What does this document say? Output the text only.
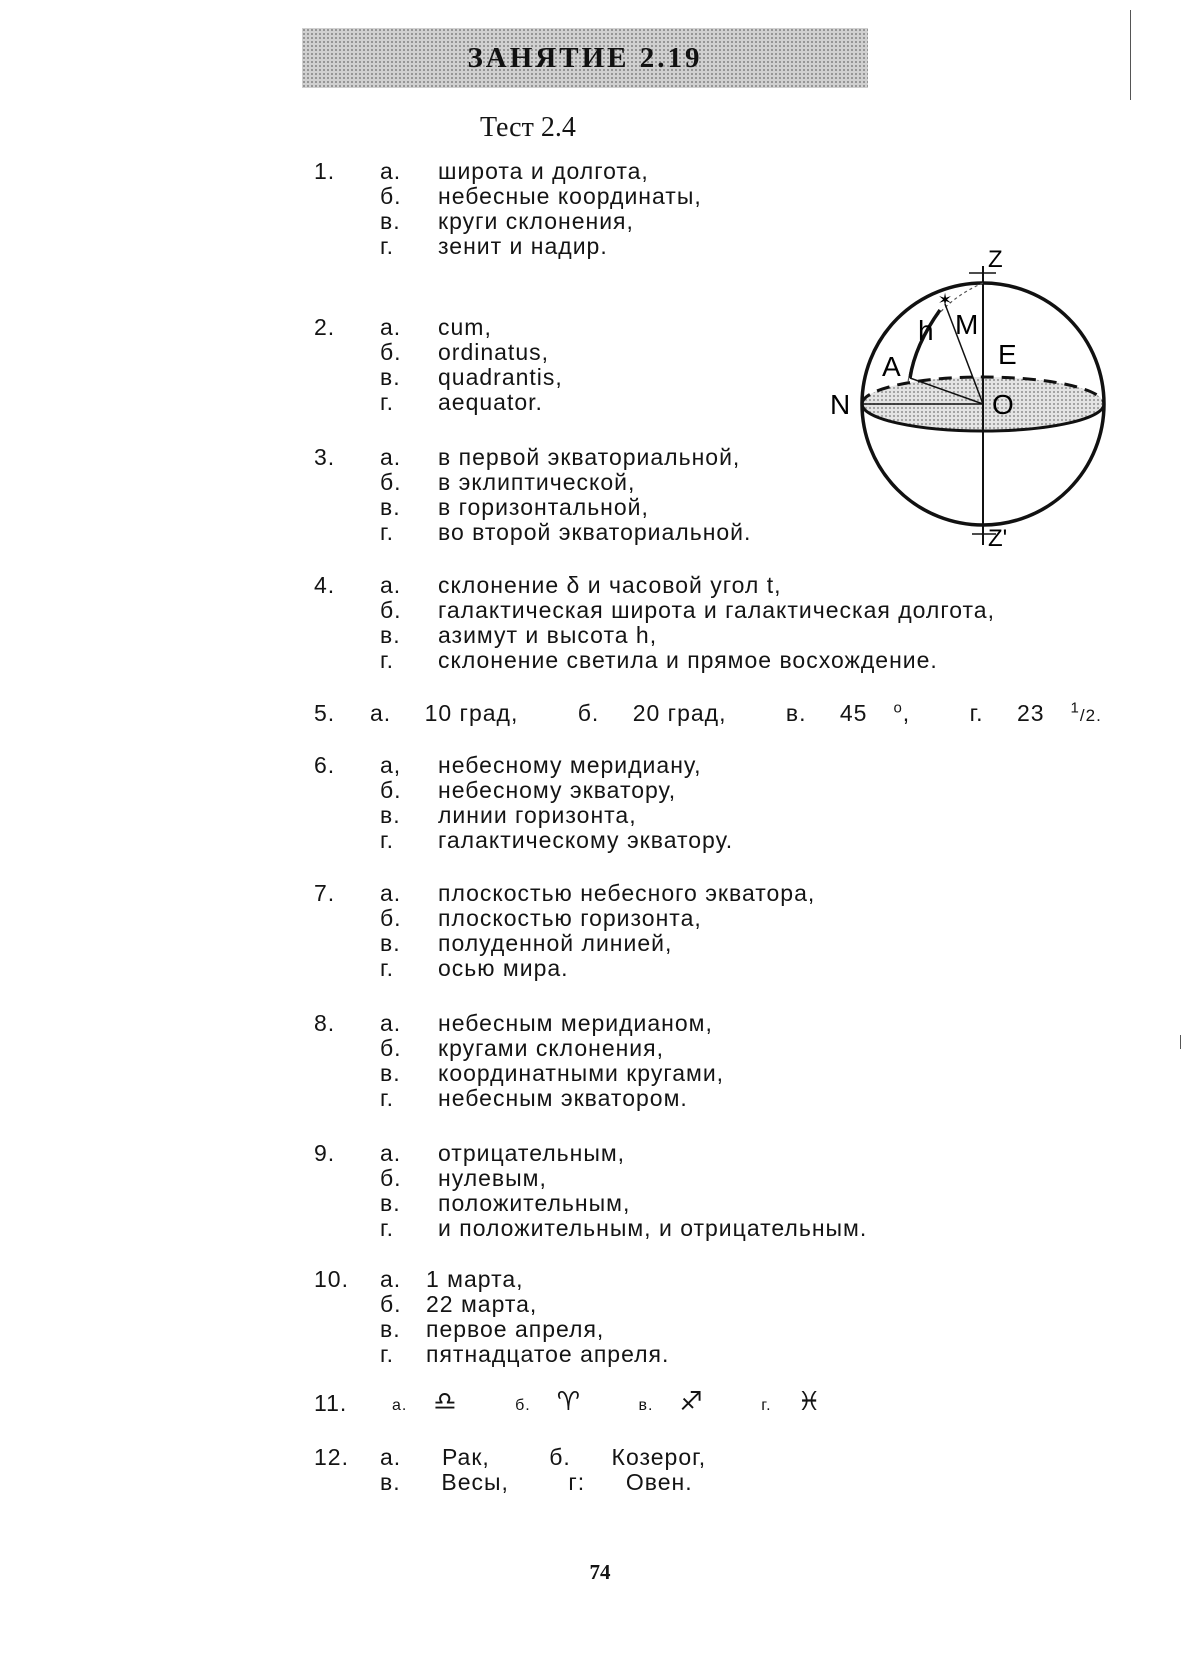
ЗАНЯТИЕ 2.19
Тест 2.4
1.	а.	широта и долгота,
б.	небесные координаты,
в.	круги склонения,
г.	зенит и надир.
2.	а.	cum,
б.	ordinatus,
в.	quadrantis,
г.	aequator.
3.	а.	в первой экваториальной,
б.	в эклиптической,
в.	в горизонтальной,
г.	во второй экваториальной.
4.	а.	склонение δ и часовой угол t,
б.	галактическая широта и галактическая долгота,
в.	азимут и высота h,
г.	склонение светила и прямое восхождение.
5.	а. 10 град,	б. 20 град,	в. 45 $^o$,	г. 23 $^1$/2.
6.	а,	небесному меридиану,
б.	небесному экватору,
в.	линии горизонта,
г.	галактическому экватору.
7.	а.	плоскостью небесного экватора,
б.	плоскостью горизонта,
в.	полуденной линией,
г.	осью мира.
8.	а.	небесным меридианом,
б.	кругами склонения,
в.	координатными кругами,
г.	небесным экватором.
9.	а.	отрицательным,
б.	нулевым,
в.	положительным,
г.	и положительным, и отрицательным.
10.	а.	1 марта,
б.	22 марта,
в.	первое апреля,
г.	пятнадцатое апреля.
11.	а. ♎	б. ♈	в. ♐	г. ♓
12.	а. Рак,	б. Козерог,
в. Весы,	г: Овен.
✶
Z
Z'
N
E
O
M
h
A
74
